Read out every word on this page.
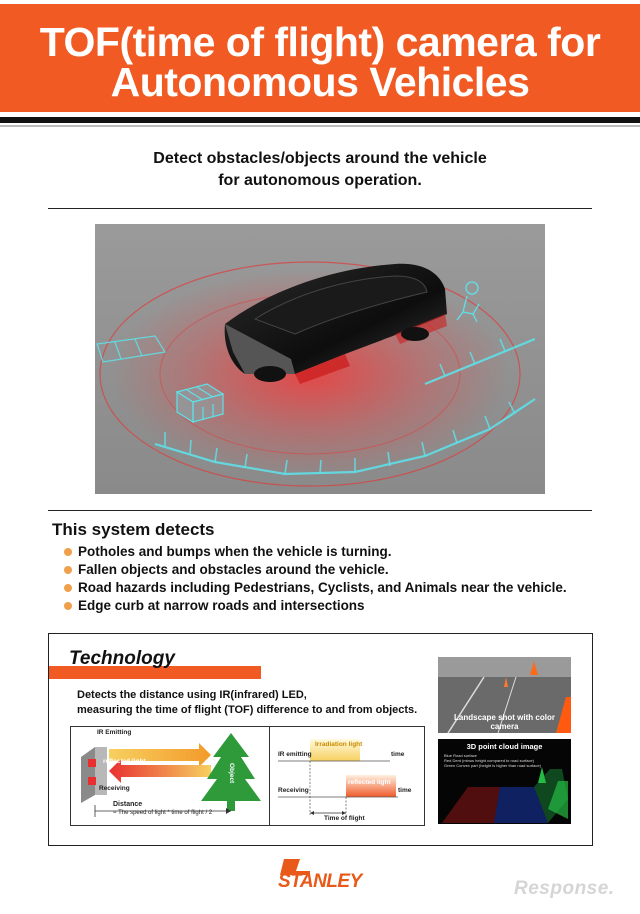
TOF(time of flight) camera for
Autonomous Vehicles
Detect obstacles/objects around the vehicle
for autonomous operation.
This system detects
Potholes and bumps when the vehicle is turning.
Fallen objects and obstacles around the vehicle.
Road hazards including Pedestrians, Cyclists, and Animals near the vehicle.
Edge curb at narrow roads and intersections
Technology
Detects the distance using IR(infrared) LED,
measuring the time of flight (TOF) difference to and from objects.
IR Emitting
Irradiation light
reflected light
Receiving
Object
Distance
= The speed of light * time of flight / 2
Irradiation light
IR emitting	time
reflected light
Receiving	time
Time of flight
Landscape shot with color
camera
3D point cloud image
Blue Road surface
Red Dent (minus height compared to road surface)
Green Convex part (height is higher than road surface)
STANLEY	Response.
